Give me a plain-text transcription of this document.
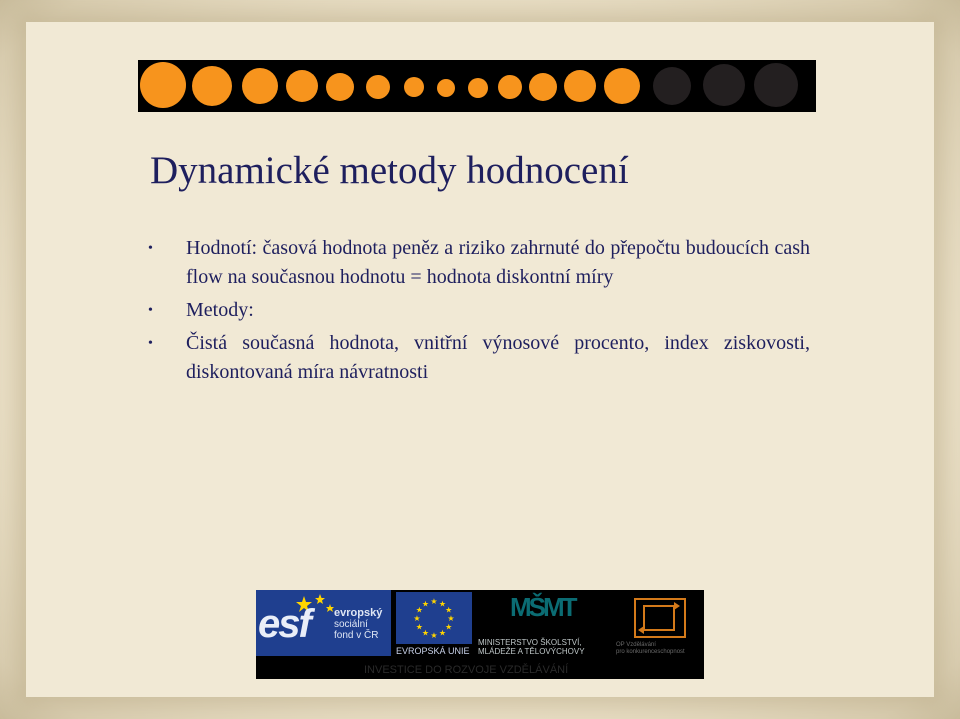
Dynamické metody hodnocení
• Hodnotí: časová hodnota peněz a riziko zahrnuté do přepočtu budoucích cash flow na současnou hodnotu = hodnota diskontní míry
• Metody:
• Čistá současná hodnota, vnitřní výnosové procento, index ziskovosti, diskontovaná míra návratnosti
esf evropský
sociální
fond v ČR
★ ★
★
★
★
★
★
★
★
★
★
★
EVROPSKÁ UNIE
MŠMT
MINISTERSTVO ŠKOLSTVÍ,
MLÁDEŽE A TĚLOVÝCHOVY
OP Vzdělávání
pro konkurenceschopnost
INVESTICE DO ROZVOJE VZDĚLÁVÁNÍ
